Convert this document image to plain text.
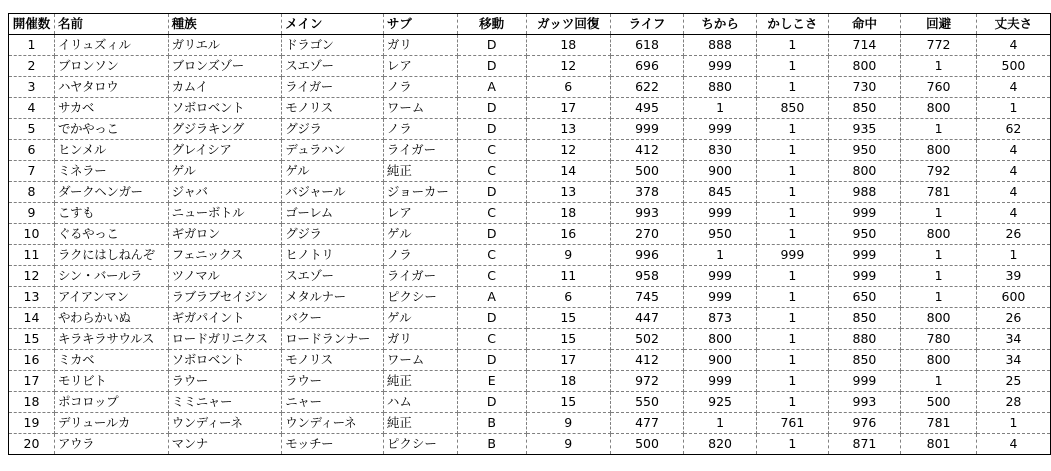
開催数	名前	種族	メイン	サブ	移動	ガッツ回復	ライフ	ちから	かしこさ	命中	回避	丈夫さ
1	イリュズィル	ガリエル	ドラゴン	ガリ	D	18	618	888	1	714	772	4
2	ブロンソン	ブロンズゾー	スエゾー	レア	D	12	696	999	1	800	1	500
3	ハヤタロウ	カムイ	ライガー	ノラ	A	6	622	880	1	730	760	4
4	サカベ	ソボロベント	モノリス	ワーム	D	17	495	1	850	850	800	1
5	でかやっこ	グジラキング	グジラ	ノラ	D	13	999	999	1	935	1	62
6	ヒンメル	グレイシア	デュラハン	ライガー	C	12	412	830	1	950	800	4
7	ミネラー	ゲル	ゲル	純正	C	14	500	900	1	800	792	4
8	ダークヘンガー	ジャバ	バジャール	ジョーカー	D	13	378	845	1	988	781	4
9	こすも	ニューボトル	ゴーレム	レア	C	18	993	999	1	999	1	4
10	ぐるやっこ	ギガロン	グジラ	ゲル	D	16	270	950	1	950	800	26
11	ラクにはしねんぞ	フェニックス	ヒノトリ	ノラ	C	9	996	1	999	999	1	1
12	シン・バールラ	ツノマル	スエゾー	ライガー	C	11	958	999	1	999	1	39
13	アイアンマン	ラブラブセイジン	メタルナー	ピクシー	A	6	745	999	1	650	1	600
14	やわらかいぬ	ギガパイント	バクー	ゲル	D	15	447	873	1	850	800	26
15	キラキラサウルス	ロードガリニクス	ロードランナー	ガリ	C	15	502	800	1	880	780	34
16	ミカベ	ソボロベント	モノリス	ワーム	D	17	412	900	1	850	800	34
17	モリビト	ラウー	ラウー	純正	E	18	972	999	1	999	1	25
18	ポコロップ	ミミニャー	ニャー	ハム	D	15	550	925	1	993	500	28
19	デリュールカ	ウンディーネ	ウンディーネ	純正	B	9	477	1	761	976	781	1
20	アウラ	マンナ	モッチー	ピクシー	B	9	500	820	1	871	801	4
